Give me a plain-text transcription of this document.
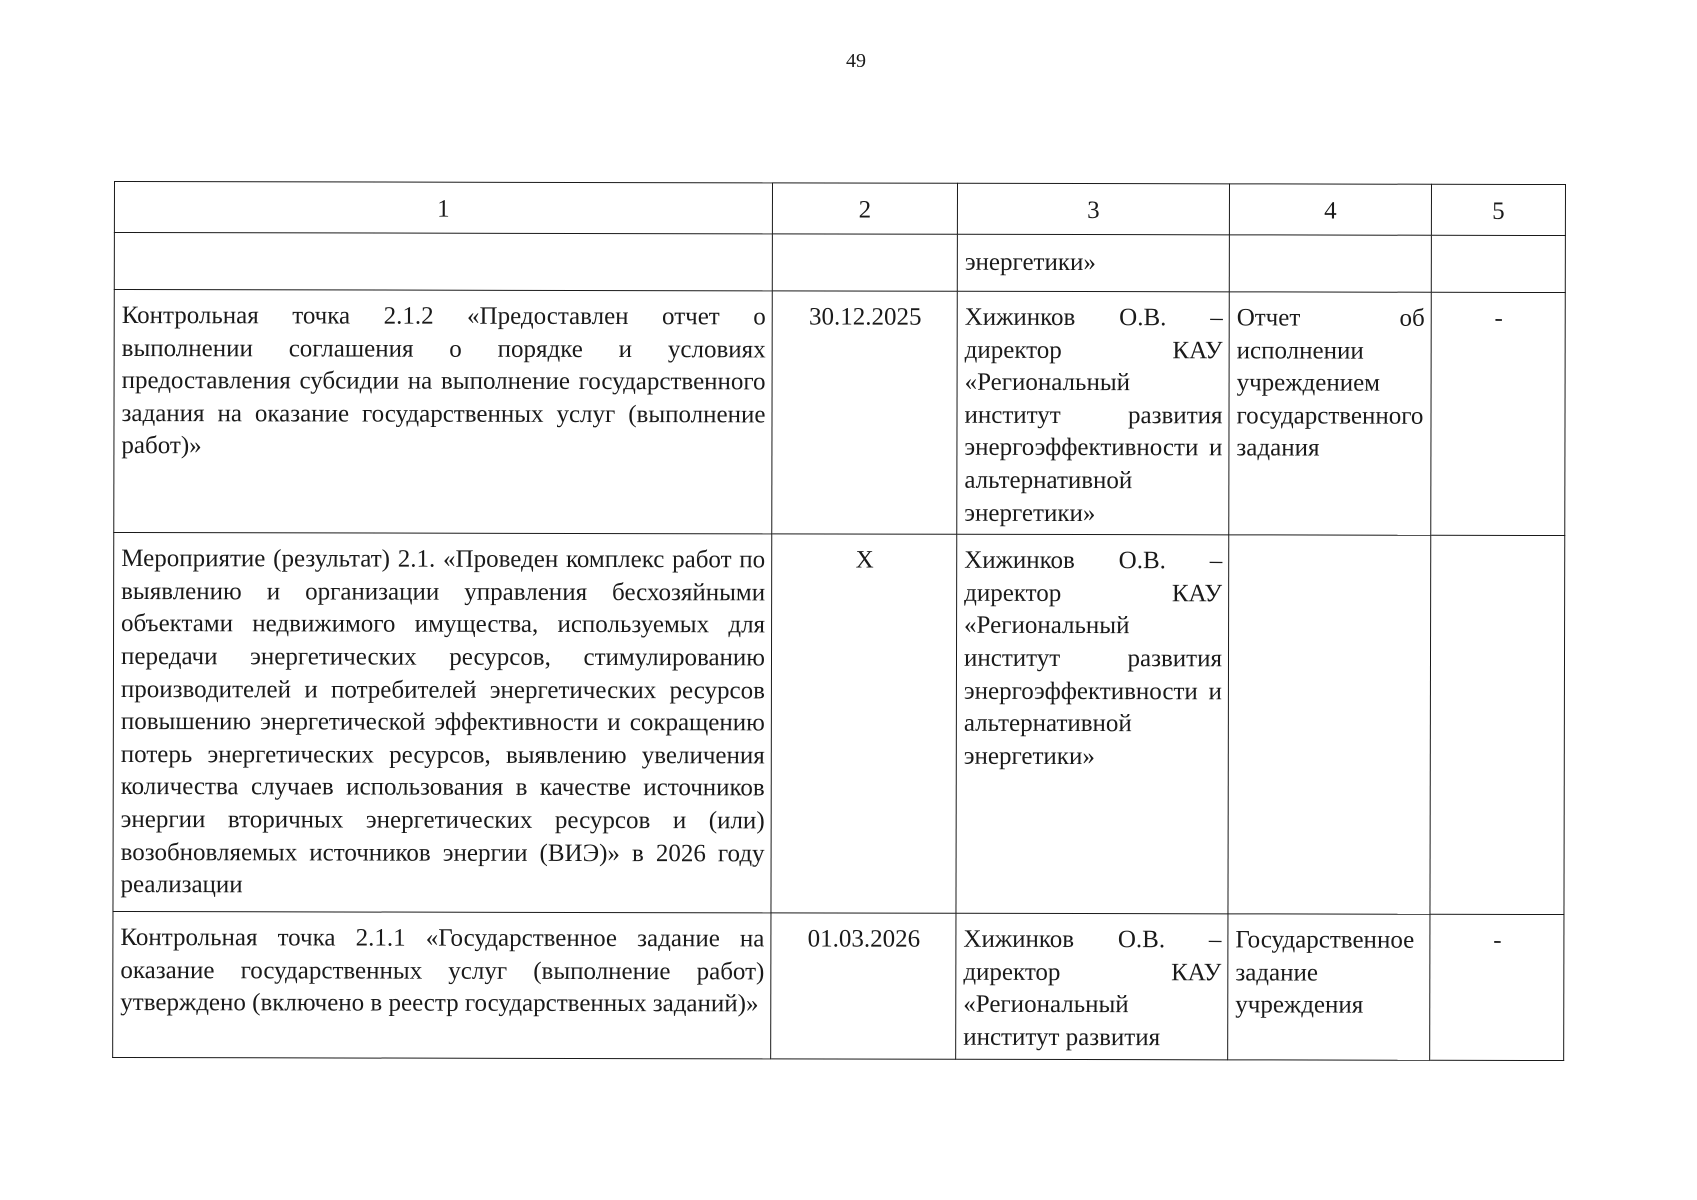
49
1	2	3	4	5
		энергетики»		
Контрольная точка 2.1.2 «Предоставлен отчет о выполнении соглашения о порядке и условиях предоставления субсидии на выполнение государственного задания на оказание государственных услуг (выполнение работ)»	30.12.2025	Хижинков О.В. – директор КАУ «Региональный институт развития энергоэффективности и альтернативной энергетики»	Отчет об исполнении учреждением государственного задания	-
Мероприятие (результат) 2.1. «Проведен комплекс работ по выявлению и организации управления бесхозяйными объектами недвижимого имущества, используемых для передачи энергетических ресурсов, стимулированию производителей и потребителей энергетических ресурсов повышению энергетической эффективности и сокращению потерь энергетических ресурсов, выявлению увеличения количества случаев использования в качестве источников энергии вторичных энергетических ресурсов и (или) возобновляемых источников энергии (ВИЭ)» в 2026 году реализации	X	Хижинков О.В. – директор КАУ «Региональный институт развития энергоэффективности и альтернативной энергетики»		
Контрольная точка 2.1.1 «Государственное задание на оказание государственных услуг (выполнение работ) утверждено (включено в реестр государственных заданий)»	01.03.2026	Хижинков О.В. – директор КАУ «Региональный институт развития	Государственное задание учреждения	-
